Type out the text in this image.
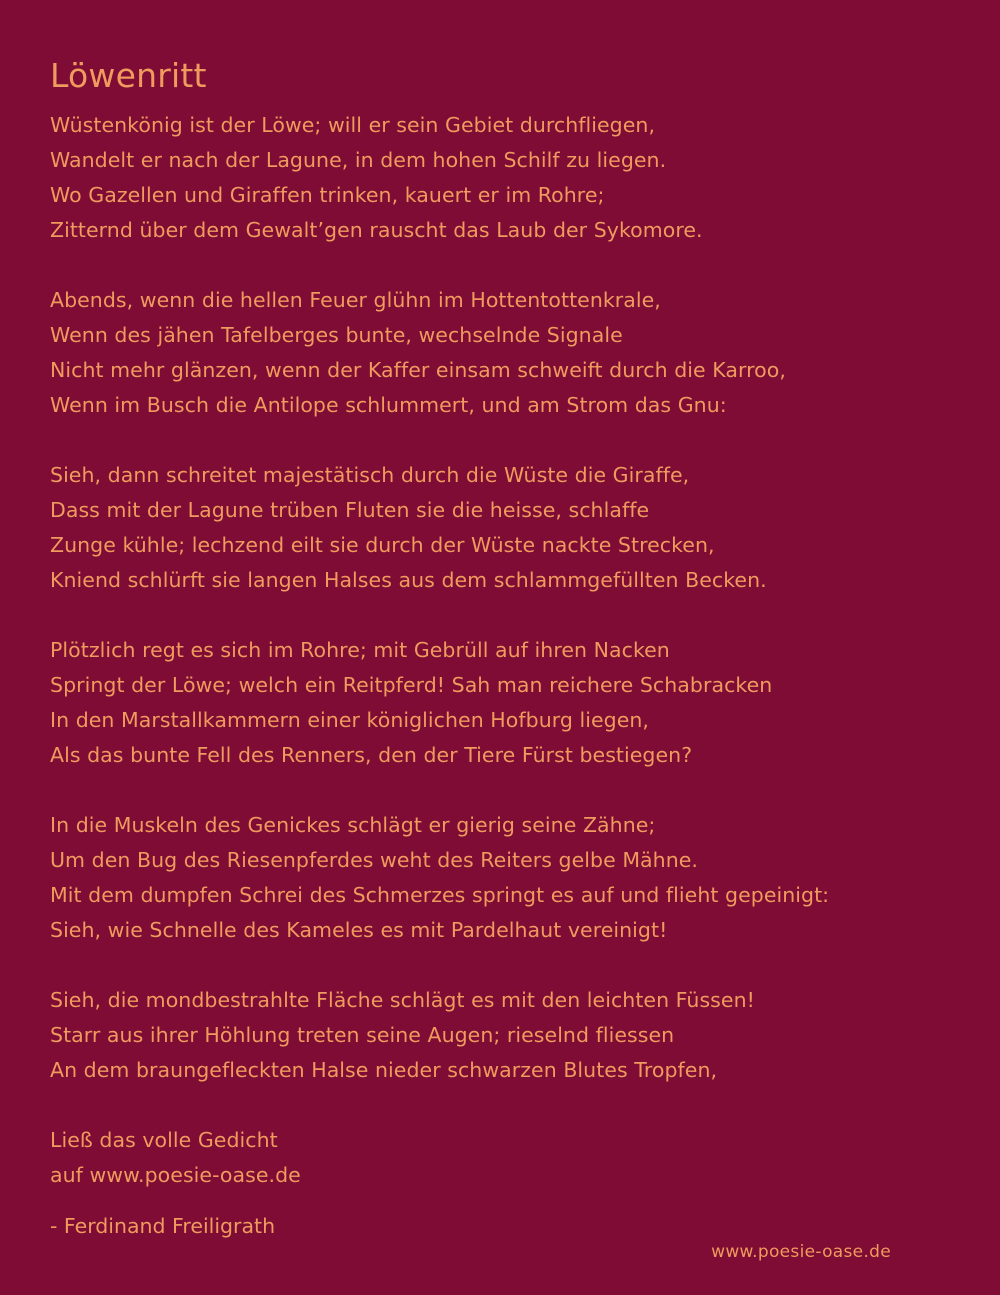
Löwenritt
Wüstenkönig ist der Löwe; will er sein Gebiet durchfliegen,
Wandelt er nach der Lagune, in dem hohen Schilf zu liegen.
Wo Gazellen und Giraffen trinken, kauert er im Rohre;
Zitternd über dem Gewalt’gen rauscht das Laub der Sykomore.
Abends, wenn die hellen Feuer glühn im Hottentottenkrale,
Wenn des jähen Tafelberges bunte, wechselnde Signale
Nicht mehr glänzen, wenn der Kaffer einsam schweift durch die Karroo,
Wenn im Busch die Antilope schlummert, und am Strom das Gnu:
Sieh, dann schreitet majestätisch durch die Wüste die Giraffe,
Dass mit der Lagune trüben Fluten sie die heisse, schlaffe
Zunge kühle; lechzend eilt sie durch der Wüste nackte Strecken,
Kniend schlürft sie langen Halses aus dem schlammgefüllten Becken.
Plötzlich regt es sich im Rohre; mit Gebrüll auf ihren Nacken
Springt der Löwe; welch ein Reitpferd! Sah man reichere Schabracken
In den Marstallkammern einer königlichen Hofburg liegen,
Als das bunte Fell des Renners, den der Tiere Fürst bestiegen?
In die Muskeln des Genickes schlägt er gierig seine Zähne;
Um den Bug des Riesenpferdes weht des Reiters gelbe Mähne.
Mit dem dumpfen Schrei des Schmerzes springt es auf und flieht gepeinigt:
Sieh, wie Schnelle des Kameles es mit Pardelhaut vereinigt!
Sieh, die mondbestrahlte Fläche schlägt es mit den leichten Füssen!
Starr aus ihrer Höhlung treten seine Augen; rieselnd fliessen
An dem braungefleckten Halse nieder schwarzen Blutes Tropfen,
Ließ das volle Gedicht
auf www.poesie-oase.de
- Ferdinand Freiligrath
www.poesie-oase.de
